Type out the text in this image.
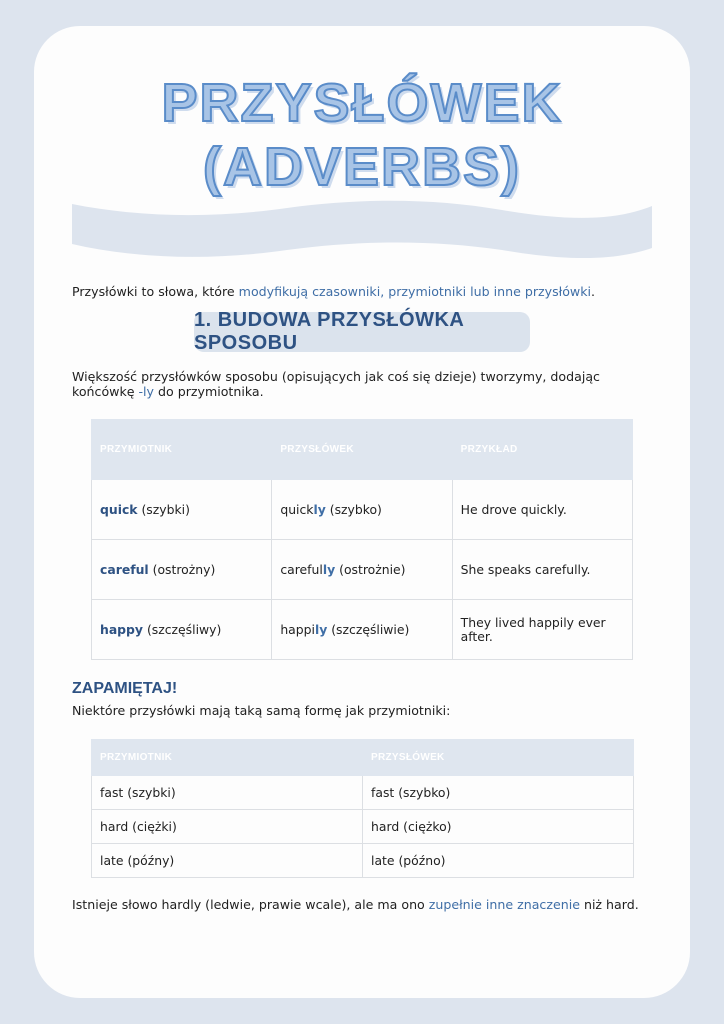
PRZYSŁÓWEK
(ADVERBS)
Przysłówki to słowa, które modyfikują czasowniki, przymiotniki lub inne przysłówki.
1. BUDOWA PRZYSŁÓWKA SPOSOBU
Większość przysłówków sposobu (opisujących jak coś się dzieje) tworzymy, dodając końcówkę -ly do przymiotnika.
PRZYMIOTNIK	PRZYSŁÓWEK	PRZYKŁAD
quick (szybki)	quickly (szybko)	He drove quickly.
careful (ostrożny)	carefully (ostrożnie)	She speaks carefully.
happy (szczęśliwy)	happily (szczęśliwie)	They lived happily ever after.
ZAPAMIĘTAJ!
Niektóre przysłówki mają taką samą formę jak przymiotniki:
PRZYMIOTNIK	PRZYSŁÓWEK
fast (szybki)	fast (szybko)
hard (ciężki)	hard (ciężko)
late (późny)	late (późno)
Istnieje słowo hardly (ledwie, prawie wcale), ale ma ono zupełnie inne znaczenie niż hard.
